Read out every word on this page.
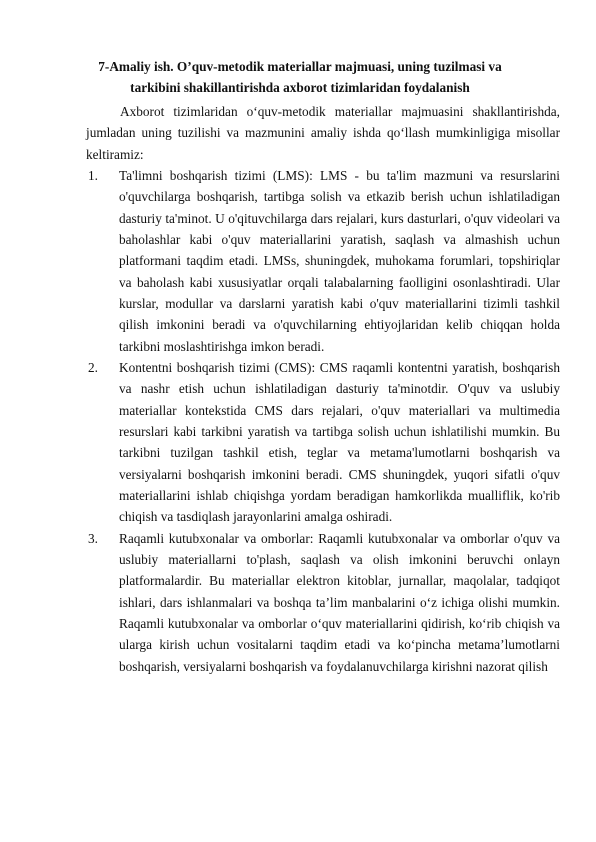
7-Amaliy ish. O’quv-metodik materiallar majmuasi, uning tuzilmasi va
tarkibini shakillantirishda axborot tizimlaridan foydalanish
Axborot tizimlaridan o‘quv-metodik materiallar majmuasini shakllantirishda, jumladan uning tuzilishi va mazmunini amaliy ishda qo‘llash mumkinligiga misollar keltiramiz:
1. Ta'limni boshqarish tizimi (LMS): LMS - bu ta'lim mazmuni va resurslarini o'quvchilarga boshqarish, tartibga solish va etkazib berish uchun ishlatiladigan dasturiy ta'minot. U o'qituvchilarga dars rejalari, kurs dasturlari, o'quv videolari va baholashlar kabi o'quv materiallarini yaratish, saqlash va almashish uchun platformani taqdim etadi. LMSs, shuningdek, muhokama forumlari, topshiriqlar va baholash kabi xususiyatlar orqali talabalarning faolligini osonlashtiradi. Ular kurslar, modullar va darslarni yaratish kabi o'quv materiallarini tizimli tashkil qilish imkonini beradi va o'quvchilarning ehtiyojlaridan kelib chiqqan holda tarkibni moslashtirishga imkon beradi.
2. Kontentni boshqarish tizimi (CMS): CMS raqamli kontentni yaratish, boshqarish va nashr etish uchun ishlatiladigan dasturiy ta'minotdir. O'quv va uslubiy materiallar kontekstida CMS dars rejalari, o'quv materiallari va multimedia resurslari kabi tarkibni yaratish va tartibga solish uchun ishlatilishi mumkin. Bu tarkibni tuzilgan tashkil etish, teglar va metama'lumotlarni boshqarish va versiyalarni boshqarish imkonini beradi. CMS shuningdek, yuqori sifatli o'quv materiallarini ishlab chiqishga yordam beradigan hamkorlikda mualliflik, ko'rib chiqish va tasdiqlash jarayonlarini amalga oshiradi.
3. Raqamli kutubxonalar va omborlar: Raqamli kutubxonalar va omborlar o'quv va uslubiy materiallarni to'plash, saqlash va olish imkonini beruvchi onlayn platformalardir. Bu materiallar elektron kitoblar, jurnallar, maqolalar, tadqiqot ishlari, dars ishlanmalari va boshqa ta’lim manbalarini o‘z ichiga olishi mumkin. Raqamli kutubxonalar va omborlar o‘quv materiallarini qidirish, ko‘rib chiqish va ularga kirish uchun vositalarni taqdim etadi va ko‘pincha metama’lumotlarni boshqarish, versiyalarni boshqarish va foydalanuvchilarga kirishni nazorat qilish
